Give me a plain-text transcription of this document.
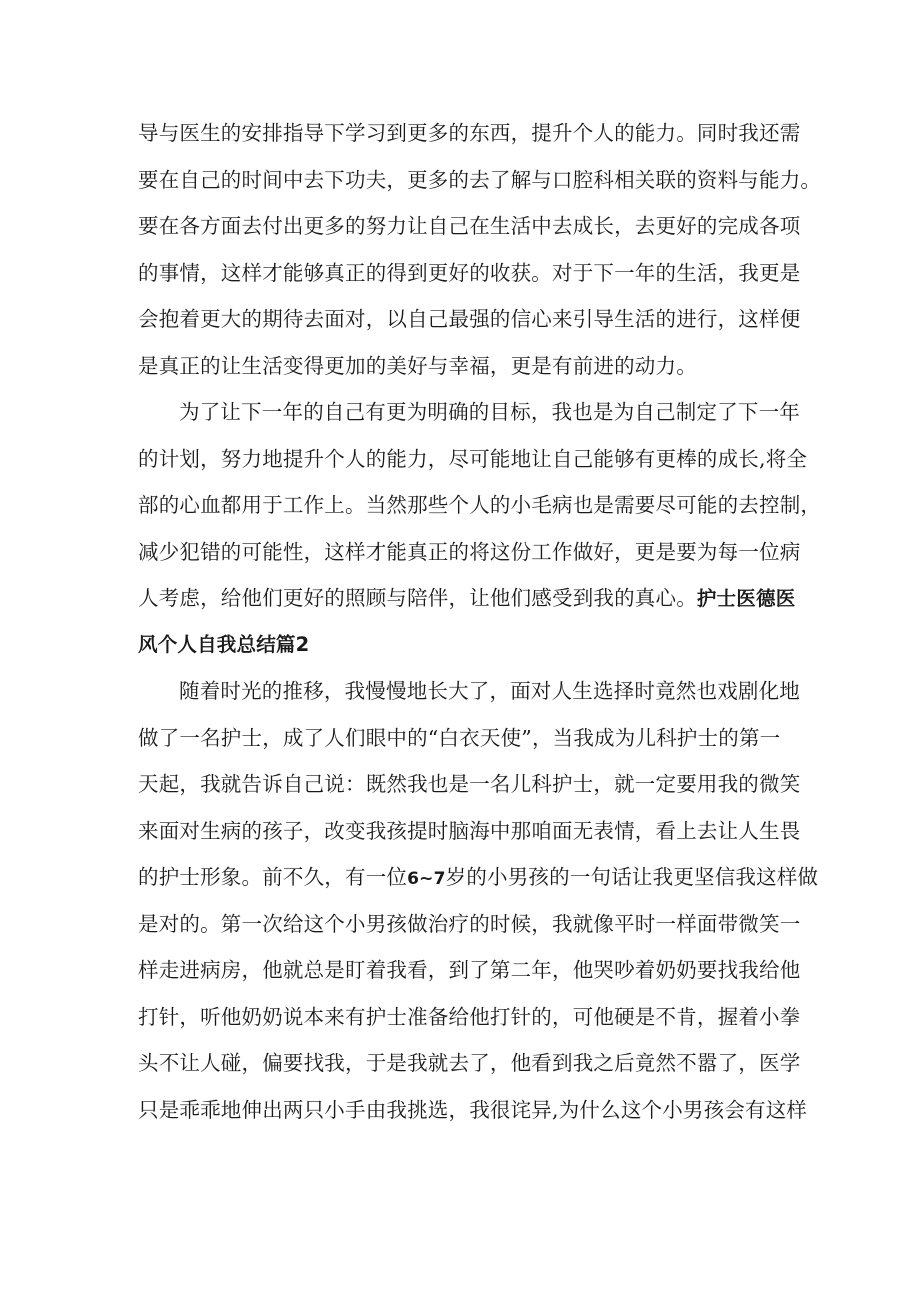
导与医生的安排指导下学习到更多的东西，提升个人的能力。同时我还需
要在自己的时间中去下功夫，更多的去了解与口腔科相关联的资料与能力。
要在各方面去付出更多的努力让自己在生活中去成长，去更好的完成各项
的事情，这样才能够真正的得到更好的收获。对于下一年的生活，我更是
会抱着更大的期待去面对，以自己最强的信心来引导生活的进行，这样便
是真正的让生活变得更加的美好与幸福，更是有前进的动力。
为了让下一年的自己有更为明确的目标，我也是为自己制定了下一年
的计划，努力地提升个人的能力，尽可能地让自己能够有更棒的成长,将全
部的心血都用于工作上。当然那些个人的小毛病也是需要尽可能的去控制，
减少犯错的可能性，这样才能真正的将这份工作做好，更是要为每一位病
人考虑，给他们更好的照顾与陪伴，让他们感受到我的真心。护士医德医
风个人自我总结篇2
随着时光的推移，我慢慢地长大了，面对人生选择时竟然也戏剧化地
做了一名护士，成了人们眼中的“白衣天使”，当我成为儿科护士的第一
天起，我就告诉自己说：既然我也是一名儿科护士，就一定要用我的微笑
来面对生病的孩子，改变我孩提时脑海中那咱面无表情，看上去让人生畏
的护士形象。前不久，有一位6~7岁的小男孩的一句话让我更坚信我这样做
是对的。第一次给这个小男孩做治疗的时候，我就像平时一样面带微笑一
样走进病房，他就总是盯着我看，到了第二年，他哭吵着奶奶要找我给他
打针，听他奶奶说本来有护士准备给他打针的，可他硬是不肯，握着小拳
头不让人碰，偏要找我，于是我就去了，他看到我之后竟然不嚣了，医学
只是乖乖地伸出两只小手由我挑选，我很诧异,为什么这个小男孩会有这样
